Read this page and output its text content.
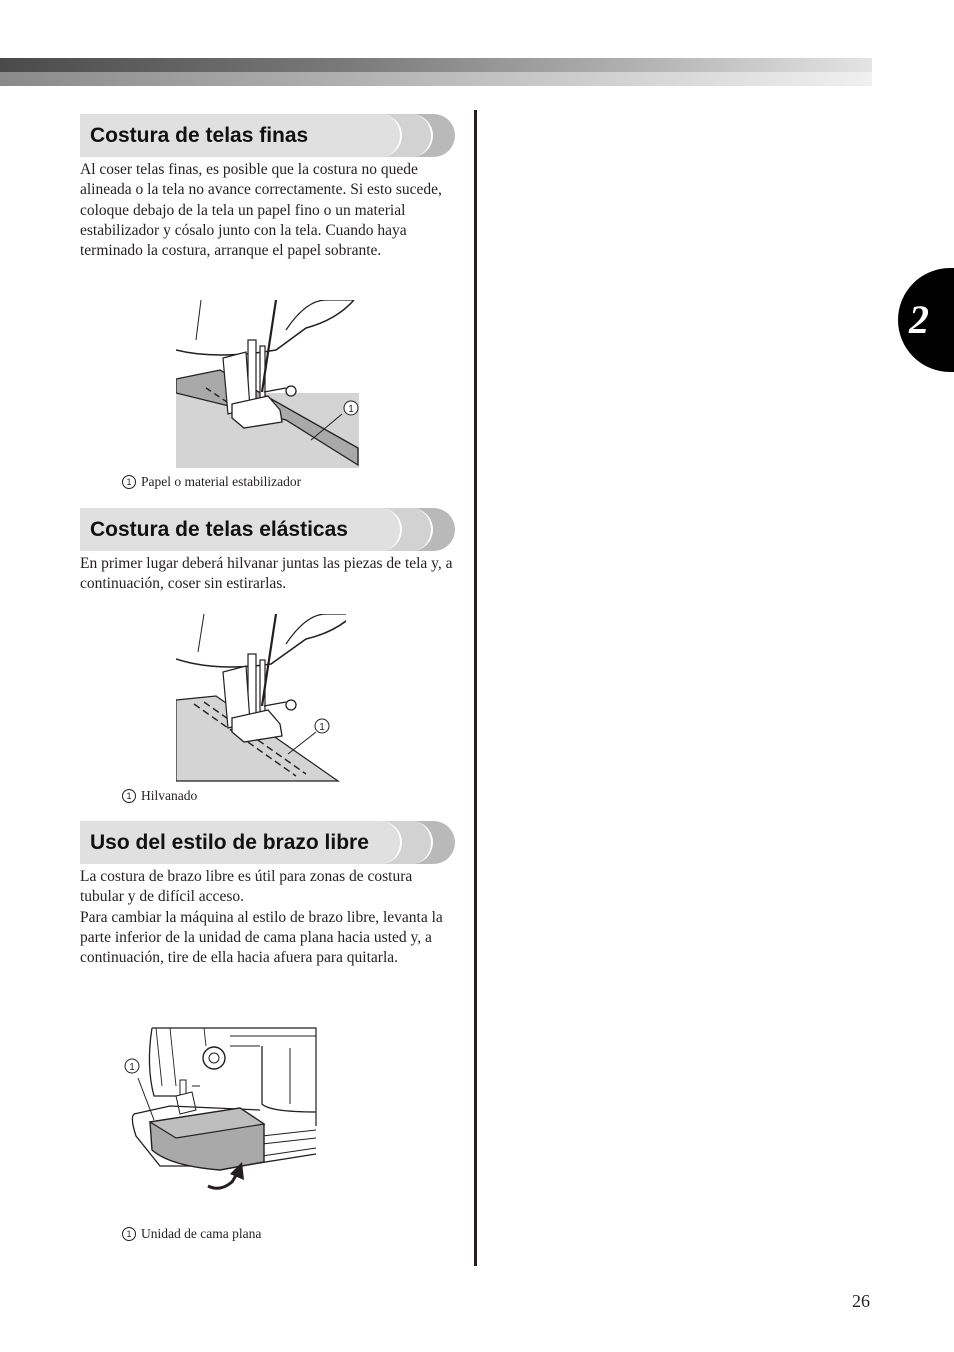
2
Costura de telas finas

Al coser telas finas, es posible que la costura no quede alineada o la tela no avance correctamente. Si esto sucede, coloque debajo de la tela un papel fino o un material estabilizador y cósalo junto con la tela. Cuando haya terminado la costura, arranque el papel sobrante.

1
1 Papel o material estabilizador
Costura de telas elásticas

En primer lugar deberá hilvanar juntas las piezas de tela y, a continuación, coser sin estirarlas.

1
1 Hilvanado
Uso del estilo de brazo libre

La costura de brazo libre es útil para zonas de costura tubular y de difícil acceso.

Para cambiar la máquina al estilo de brazo libre, levanta la parte inferior de la unidad de cama plana hacia usted y, a continuación, tire de ella hacia afuera para quitarla.

1
1 Unidad de cama plana
26
